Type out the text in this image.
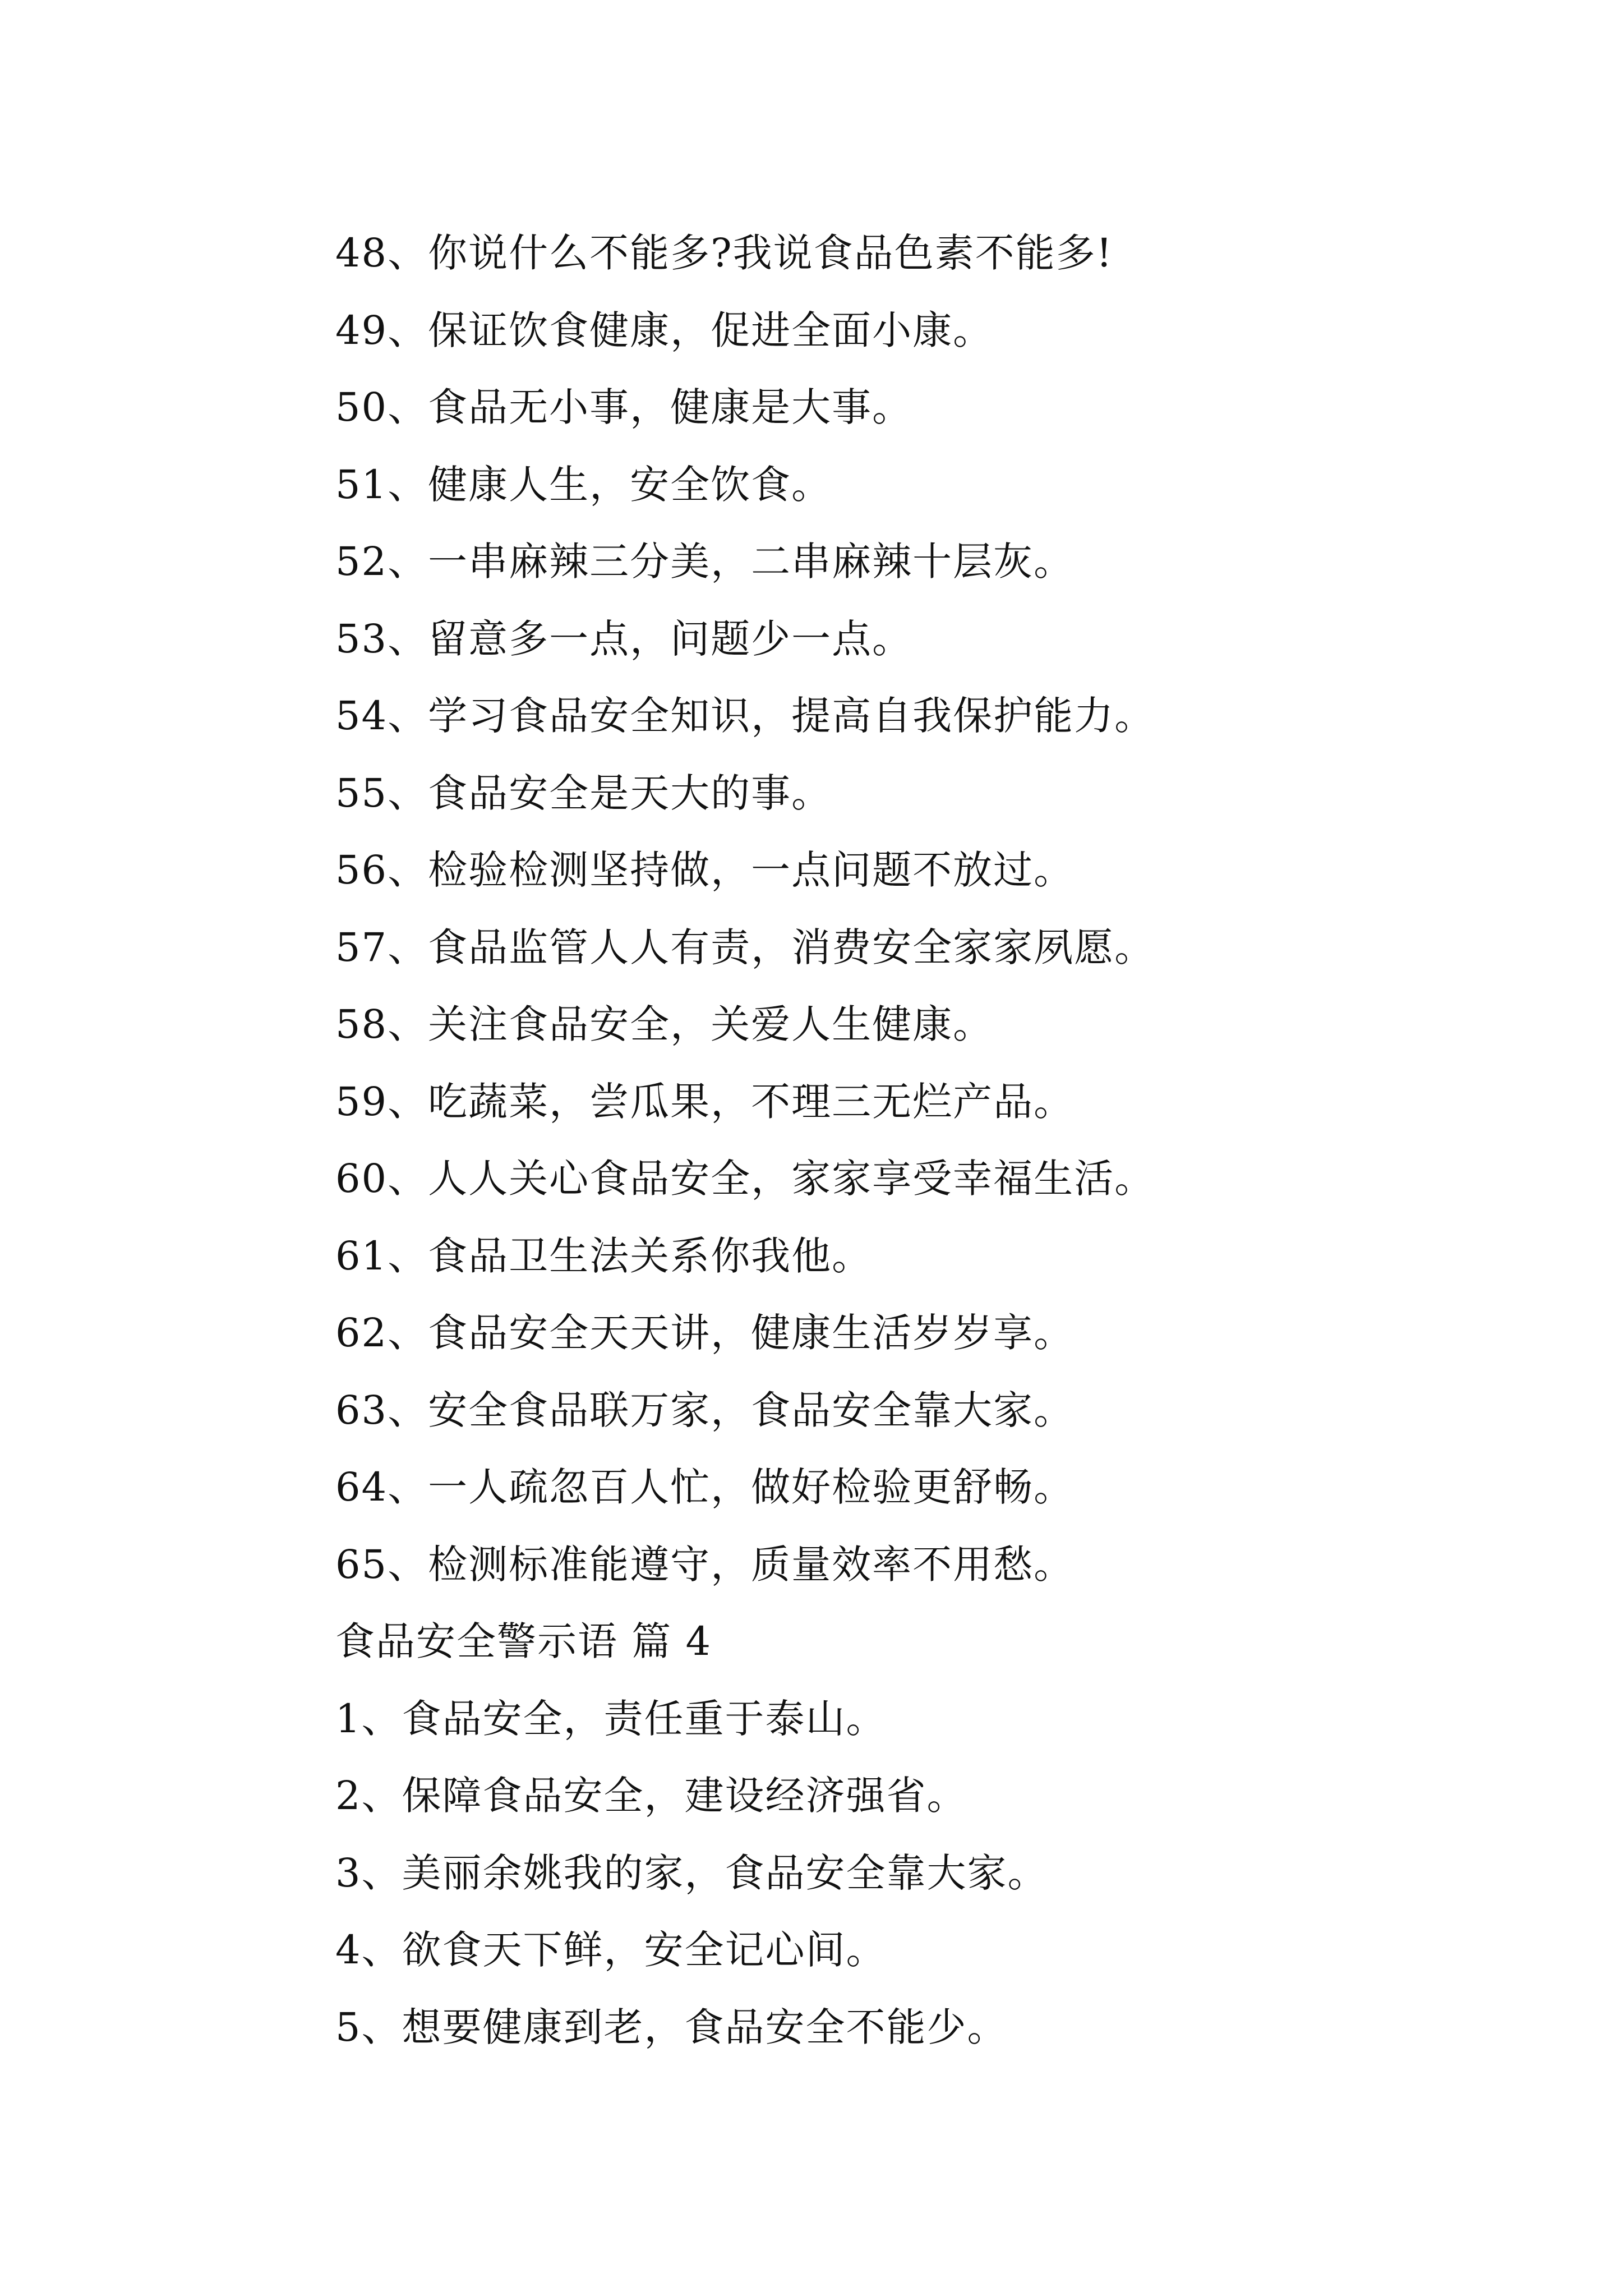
48、你说什么不能多?我说食品色素不能多!
49、保证饮食健康，促进全面小康。
50、食品无小事，健康是大事。
51、健康人生，安全饮食。
52、一串麻辣三分美，二串麻辣十层灰。
53、留意多一点，问题少一点。
54、学习食品安全知识，提高自我保护能力。
55、食品安全是天大的事。
56、检验检测坚持做，一点问题不放过。
57、食品监管人人有责，消费安全家家夙愿。
58、关注食品安全，关爱人生健康。
59、吃蔬菜，尝瓜果，不理三无烂产品。
60、人人关心食品安全，家家享受幸福生活。
61、食品卫生法关系你我他。
62、食品安全天天讲，健康生活岁岁享。
63、安全食品联万家，食品安全靠大家。
64、一人疏忽百人忙，做好检验更舒畅。
65、检测标准能遵守，质量效率不用愁。
食品安全警示语 篇 4
1、食品安全，责任重于泰山。
2、保障食品安全，建设经济强省。
3、美丽余姚我的家，食品安全靠大家。
4、欲食天下鲜，安全记心间。
5、想要健康到老，食品安全不能少。
